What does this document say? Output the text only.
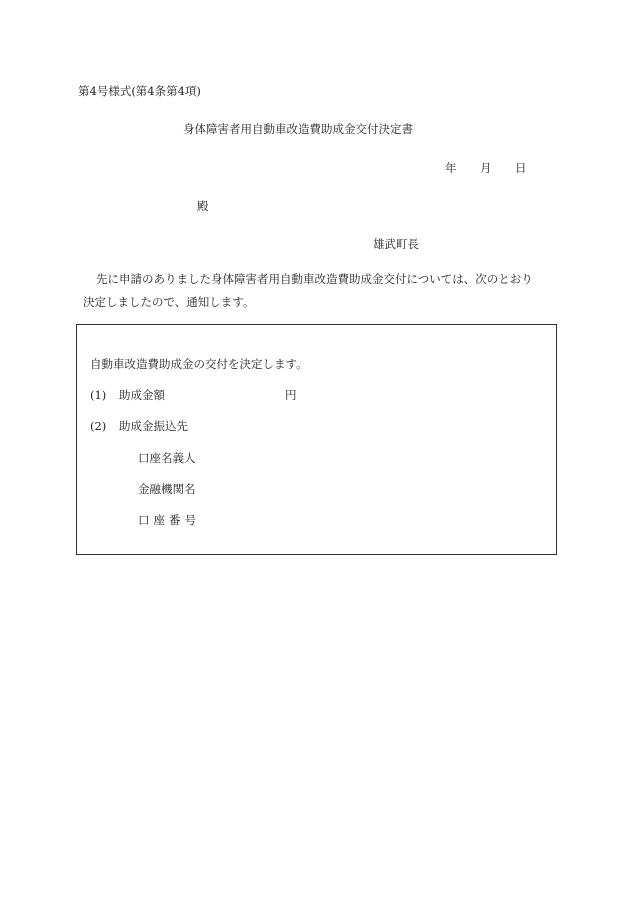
第4号様式(第4条第4項)
身体障害者用自動車改造費助成金交付決定書
年 月 日
殿
雄武町長
先に申請のありました身体障害者用自動車改造費助成金交付については、次のとおり
決定しましたので、通知します。
自動車改造費助成金の交付を決定します。
(1) 助成金額	円
(2) 助成金振込先
口座名義人
金融機関名
口座番号
